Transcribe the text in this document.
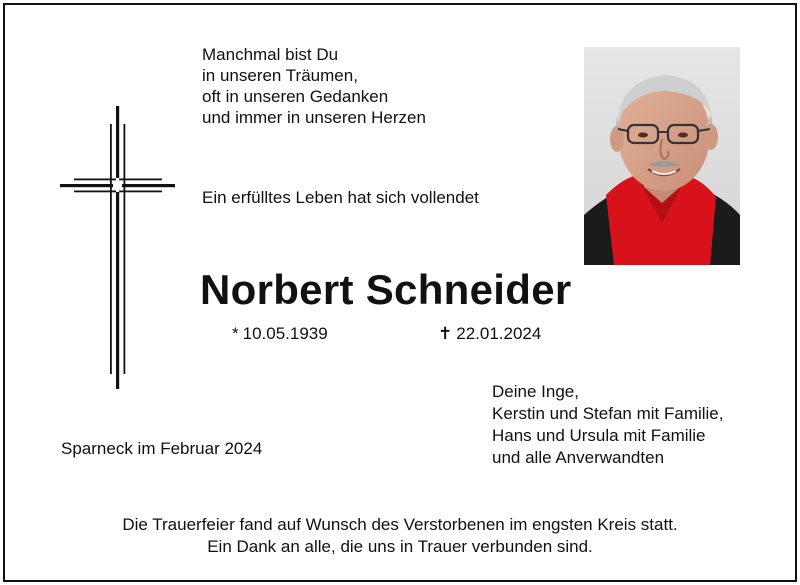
Manchmal bist Du
in unseren Träumen,
oft in unseren Gedanken
und immer in unseren Herzen
Ein erfülltes Leben hat sich vollendet
Norbert Schneider
* 10.05.1939	✝ 22.01.2024
Deine Inge,
Kerstin und Stefan mit Familie,
Hans und Ursula mit Familie
und alle Anverwandten
Sparneck im Februar 2024
Die Trauerfeier fand auf Wunsch des Verstorbenen im engsten Kreis statt.
Ein Dank an alle, die uns in Trauer verbunden sind.
